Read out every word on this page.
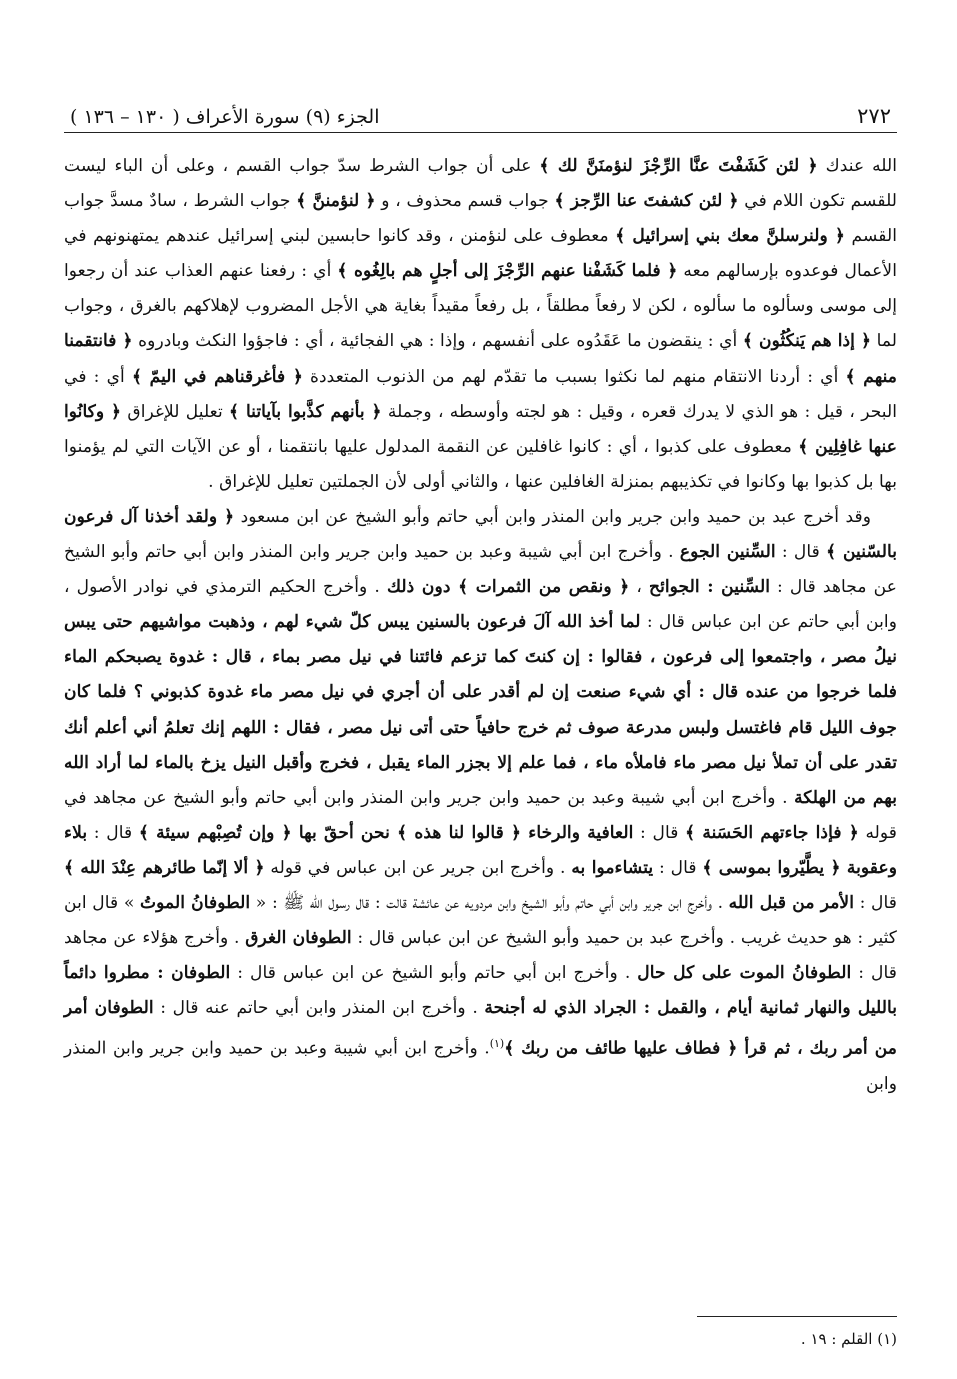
٢٧٢
الجزء (٩) سورة الأعراف ( ١٣٠ – ١٣٦ )

الله عندك ﴿ لئن كَشَفْتَ عنَّا الرِّجْزَ لنؤمنَنَّ لك ﴾ على أن جواب الشرط سدّ جواب القسم ، وعلى أن الباء ليست للقسم تكون اللام في ﴿ لئن كشفتَ عنا الرِّجز ﴾ جواب قسم محذوف ، و ﴿ لنؤمننَّ ﴾ جواب الشرط ، سادٌ مسدَّ جواب القسم ﴿ ولنرسلنَّ معك بني إسرائيل ﴾ معطوف على لنؤمنن ، وقد كانوا حابسين لبني إسرائيل عندهم يمتهنونهم في الأعمال فوعدوه بإرسالهم معه ﴿ فلما كَشَفْنا عنهم الرِّجْزَ إلى أجلٍ هم بالِغُوه ﴾ أي : رفعنا عنهم العذاب عند أن رجعوا إلى موسى وسألوه ما سألوه ، لكن لا رفعاً مطلقاً ، بل رفعاً مقيداً بغاية هي الأجل المضروب لإهلاكهم بالغرق ، وجواب لما ﴿ إذا هم يَنكُثُون ﴾ أي : ينقضون ما عَقَدُوه على أنفسهم ، وإذا : هي الفجائية ، أي : فاجؤوا النكث وبادروه ﴿ فانتقمنا منهم ﴾ أي : أردنا الانتقام منهم لما نكثوا بسبب ما تقدّم لهم من الذنوب المتعددة ﴿ فأغرقناهم في اليمّ ﴾ أي : في البحر ، قيل : هو الذي لا يدرك قعره ، وقيل : هو لجته وأوسطه ، وجملة ﴿ بأنهم كذَّبوا بآياتنا ﴾ تعليل للإغراق ﴿ وكانُوا عنها غافِلِين ﴾ معطوف على كذبوا ، أي : كانوا غافلين عن النقمة المدلول عليها بانتقمنا ، أو عن الآيات التي لم يؤمنوا بها بل كذبوا بها وكانوا في تكذيبهم بمنزلة الغافلين عنها ، والثاني أولى لأن الجملتين تعليل للإغراق .

وقد أخرج عبد بن حميد وابن جرير وابن المنذر وابن أبي حاتم وأبو الشيخ عن ابن مسعود ﴿ ولقد أخذنا آل فرعون بالسّنين ﴾ قال : السِّنين الجوع . وأخرج ابن أبي شيبة وعبد بن حميد وابن جرير وابن المنذر وابن أبي حاتم وأبو الشيخ عن مجاهد قال : السِّنين : الجوائح ، ﴿ ونقص من الثمرات ﴾ دون ذلك . وأخرج الحكيم الترمذي في نوادر الأصول ، وابن أبي حاتم عن ابن عباس قال : لما أخذ الله آلَ فرعون بالسنين يبس كلّ شيء لهم ، وذهبت مواشيهم حتى يبس نيلُ مصر ، واجتمعوا إلى فرعون ، فقالوا : إن كنتَ كما تزعم فائتنا في نيل مصر بماء ، قال : غدوة يصبحكم الماء فلما خرجوا من عنده قال : أي شيء صنعت إن لم أقدر على أن أجري في نيل مصر ماء غدوة كذبوني ؟ فلما كان جوف الليل قام فاغتسل ولبس مدرعة صوف ثم خرج حافياً حتى أتى نيل مصر ، فقال : اللهم إنك تعلمُ أني أعلم أنك تقدر على أن تملأ نيل مصر ماء فاملأه ماء ، فما علم إلا بجزر الماء يقبل ، فخرج وأقبل النيل يزخ بالماء لما أراد الله بهم من الهلكة . وأخرج ابن أبي شيبة وعبد بن حميد وابن جرير وابن المنذر وابن أبي حاتم وأبو الشيخ عن مجاهد في قوله ﴿ فإذا جاءتهم الحَسَنة ﴾ قال : العافية والرخاء ﴿ قالوا لنا هذه ﴾ نحن أحقّ بها ﴿ وإن تُصِبْهم سيئة ﴾ قال : بلاء وعقوبة ﴿ يطَّيّروا بموسى ﴾ قال : يتشاءموا به . وأخرج ابن جرير عن ابن عباس في قوله ﴿ ألا إنّما طائرهم عِنْدَ الله ﴾ قال : الأمر من قبل الله . وأخرج ابن جرير وابن أبي حاتم وأبو الشيخ وابن مردويه عن عائشة قالت : قال رسول الله ﷺ : « الطوفانُ الموتُ » قال ابن كثير : هو حديث غريب . وأخرج عبد بن حميد وأبو الشيخ عن ابن عباس قال : الطوفان الغرق . وأخرج هؤلاء عن مجاهد قال : الطوفانُ الموت على كل حال . وأخرج ابن أبي حاتم وأبو الشيخ عن ابن عباس قال : الطوفان : مطروا دائماً بالليل والنهار ثمانية أيام ، والقمل : الجراد الذي له أجنحة . وأخرج ابن المنذر وابن أبي حاتم عنه قال : الطوفان أمر من أمر ربك ، ثم قرأ ﴿ فطاف عليها طائف من ربك ﴾$^{(١)}$. وأخرج ابن أبي شيبة وعبد بن حميد وابن جرير وابن المنذر وابن

(١) القلم : ١٩ .
